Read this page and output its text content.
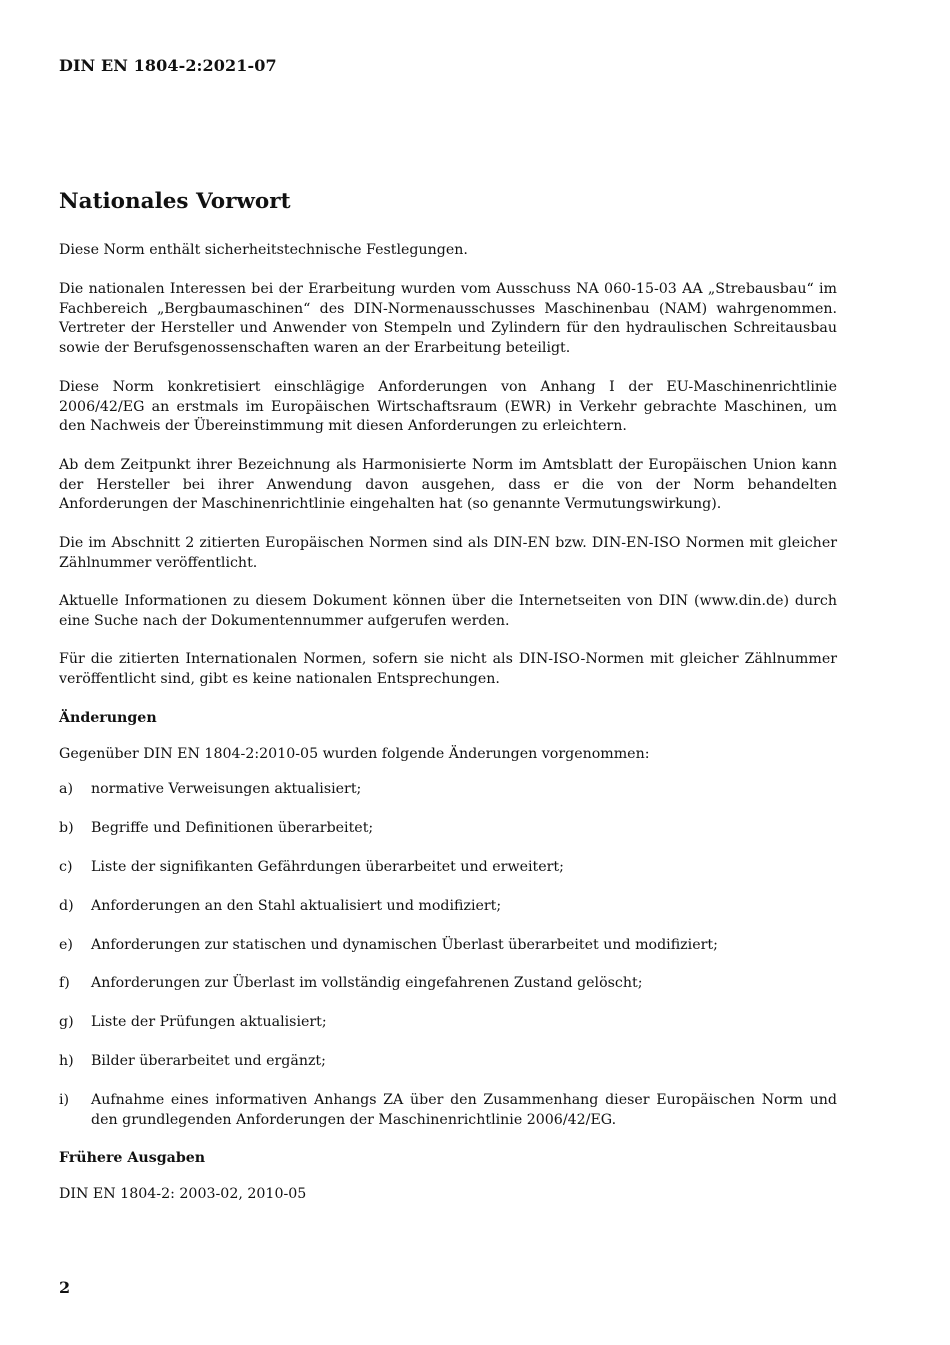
DIN EN 1804-2:2021-07
Nationales Vorwort

Diese Norm enthält sicherheitstechnische Festlegungen.

Die nationalen Interessen bei der Erarbeitung wurden vom Ausschuss NA 060-15-03 AA „Strebausbau“ im Fachbereich „Bergbaumaschinen“ des DIN-Normenausschusses Maschinenbau (NAM) wahrgenommen. Vertreter der Hersteller und Anwender von Stempeln und Zylindern für den hydraulischen Schreitausbau sowie der Berufsgenossenschaften waren an der Erarbeitung beteiligt.

Diese Norm konkretisiert einschlägige Anforderungen von Anhang I der EU-Maschinenrichtlinie 2006/42/EG an erstmals im Europäischen Wirtschaftsraum (EWR) in Verkehr gebrachte Maschinen, um den Nachweis der Übereinstimmung mit diesen Anforderungen zu erleichtern.

Ab dem Zeitpunkt ihrer Bezeichnung als Harmonisierte Norm im Amtsblatt der Europäischen Union kann der Hersteller bei ihrer Anwendung davon ausgehen, dass er die von der Norm behandelten Anforderungen der Maschinenrichtlinie eingehalten hat (so genannte Vermutungswirkung).

Die im Abschnitt 2 zitierten Europäischen Normen sind als DIN-EN bzw. DIN-EN-ISO Normen mit gleicher Zählnummer veröffentlicht.

Aktuelle Informationen zu diesem Dokument können über die Internetseiten von DIN (www.din.de) durch eine Suche nach der Dokumentennummer aufgerufen werden.

Für die zitierten Internationalen Normen, sofern sie nicht als DIN-ISO-Normen mit gleicher Zählnummer veröffentlicht sind, gibt es keine nationalen Entsprechungen.

Änderungen

Gegenüber DIN EN 1804-2:2010-05 wurden folgende Änderungen vorgenommen:

a) normative Verweisungen aktualisiert;
b) Begriffe und Definitionen überarbeitet;
c) Liste der signifikanten Gefährdungen überarbeitet und erweitert;
d) Anforderungen an den Stahl aktualisiert und modifiziert;
e) Anforderungen zur statischen und dynamischen Überlast überarbeitet und modifiziert;
f) Anforderungen zur Überlast im vollständig eingefahrenen Zustand gelöscht;
g) Liste der Prüfungen aktualisiert;
h) Bilder überarbeitet und ergänzt;
i) Aufnahme eines informativen Anhangs ZA über den Zusammenhang dieser Europäischen Norm und den grundlegenden Anforderungen der Maschinenrichtlinie 2006/42/EG.
Frühere Ausgaben

DIN EN 1804-2: 2003-02, 2010-05

2
